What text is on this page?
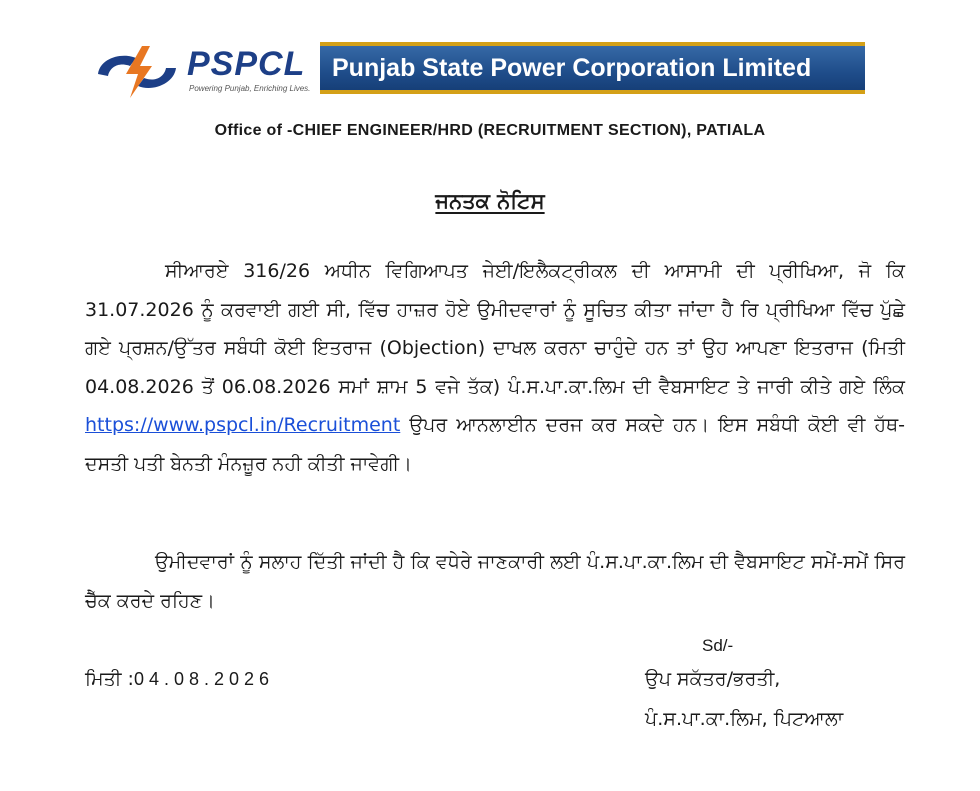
PSPCL
Powering Punjab, Enriching Lives.
Punjab State Power Corporation Limited
Office of -CHIEF ENGINEER/HRD (RECRUITMENT SECTION), PATIALA
ਜਨਤਕ ਨੋਟਿਸ
ਸੀਆਰਏ 316/26 ਅਧੀਨ ਵਿਗਿਆਪਤ ਜੇਈ/ਇਲੈਕਟ੍ਰੀਕਲ ਦੀ ਆਸਾਮੀ ਦੀ ਪ੍ਰੀਖਿਆ, ਜੋ ਕਿ 31.07.2026 ਨੂੰ ਕਰਵਾਈ ਗਈ ਸੀ, ਵਿੱਚ ਹਾਜ਼ਰ ਹੋਏ ਉਮੀਦਵਾਰਾਂ ਨੂੰ ਸੂਚਿਤ ਕੀਤਾ ਜਾਂਦਾ ਹੈ ਰਿ ਪ੍ਰੀਖਿਆ ਵਿੱਚ ਪੁੱਛੇ ਗਏ ਪ੍ਰਸ਼ਨ/ਉੱਤਰ ਸਬੰਧੀ ਕੋਈ ਇਤਰਾਜ (Objection) ਦਾਖਲ ਕਰਨਾ ਚਾਹੁੰਦੇ ਹਨ ਤਾਂ ਉਹ ਆਪਣਾ ਇਤਰਾਜ (ਮਿਤੀ 04.08.2026 ਤੋਂ 06.08.2026 ਸਮਾਂ ਸ਼ਾਮ 5 ਵਜੇ ਤੱਕ) ਪੰ.ਸ.ਪਾ.ਕਾ.ਲਿਮ ਦੀ ਵੈਬਸਾਇਟ ਤੇ ਜਾਰੀ ਕੀਤੇ ਗਏ ਲਿੰਕ https://www.pspcl.in/Recruitment ਉਪਰ ਆਨਲਾਈਨ ਦਰਜ ਕਰ ਸਕਦੇ ਹਨ। ਇਸ ਸਬੰਧੀ ਕੋਈ ਵੀ ਹੱਥ-ਦਸਤੀ ਪਤੀ ਬੇਨਤੀ ਮੰਨਜ਼ੂਰ ਨਹੀ ਕੀਤੀ ਜਾਵੇਗੀ।
ਉਮੀਦਵਾਰਾਂ ਨੂੰ ਸਲਾਹ ਦਿੱਤੀ ਜਾਂਦੀ ਹੈ ਕਿ ਵਧੇਰੇ ਜਾਣਕਾਰੀ ਲਈ ਪੰ.ਸ.ਪਾ.ਕਾ.ਲਿਮ ਦੀ ਵੈਬਸਾਇਟ ਸਮੇਂ-ਸਮੇਂ ਸਿਰ ਚੈੱਕ ਕਰਦੇ ਰਹਿਣ।
Sd/-
ਮਿਤੀ :04.08.2026	ਉਪ ਸਕੱਤਰ/ਭਰਤੀ,
ਪੰ.ਸ.ਪਾ.ਕਾ.ਲਿਮ, ਪਿਟਆਲਾ
